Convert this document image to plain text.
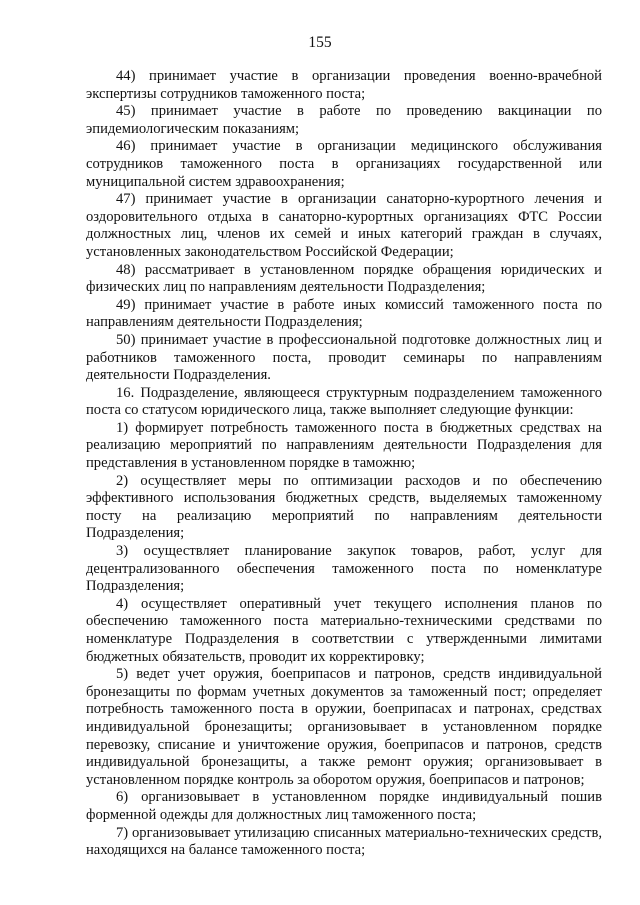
155

44) принимает участие в организации проведения военно-врачебной экспертизы сотрудников таможенного поста;

45) принимает участие в работе по проведению вакцинации по эпидемиологическим показаниям;

46) принимает участие в организации медицинского обслуживания сотрудников таможенного поста в организациях государственной или муниципальной систем здравоохранения;

47) принимает участие в организации санаторно-курортного лечения и оздоровительного отдыха в санаторно-курортных организациях ФТС России должностных лиц, членов их семей и иных категорий граждан в случаях, установленных законодательством Российской Федерации;

48) рассматривает в установленном порядке обращения юридических и физических лиц по направлениям деятельности Подразделения;

49) принимает участие в работе иных комиссий таможенного поста по направлениям деятельности Подразделения;

50) принимает участие в профессиональной подготовке должностных лиц и работников таможенного поста, проводит семинары по направлениям деятельности Подразделения.

16. Подразделение, являющееся структурным подразделением таможенного поста со статусом юридического лица, также выполняет следующие функции:

1) формирует потребность таможенного поста в бюджетных средствах на реализацию мероприятий по направлениям деятельности Подразделения для представления в установленном порядке в таможню;

2) осуществляет меры по оптимизации расходов и по обеспечению эффективного использования бюджетных средств, выделяемых таможенному посту на реализацию мероприятий по направлениям деятельности Подразделения;

3) осуществляет планирование закупок товаров, работ, услуг для децентрализованного обеспечения таможенного поста по номенклатуре Подразделения;

4) осуществляет оперативный учет текущего исполнения планов по обеспечению таможенного поста материально-техническими средствами по номенклатуре Подразделения в соответствии с утвержденными лимитами бюджетных обязательств, проводит их корректировку;

5) ведет учет оружия, боеприпасов и патронов, средств индивидуальной бронезащиты по формам учетных документов за таможенный пост; определяет потребность таможенного поста в оружии, боеприпасах и патронах, средствах индивидуальной бронезащиты; организовывает в установленном порядке перевозку, списание и уничтожение оружия, боеприпасов и патронов, средств индивидуальной бронезащиты, а также ремонт оружия; организовывает в установленном порядке контроль за оборотом оружия, боеприпасов и патронов;

6) организовывает в установленном порядке индивидуальный пошив форменной одежды для должностных лиц таможенного поста;

7) организовывает утилизацию списанных материально-технических средств, находящихся на балансе таможенного поста;
